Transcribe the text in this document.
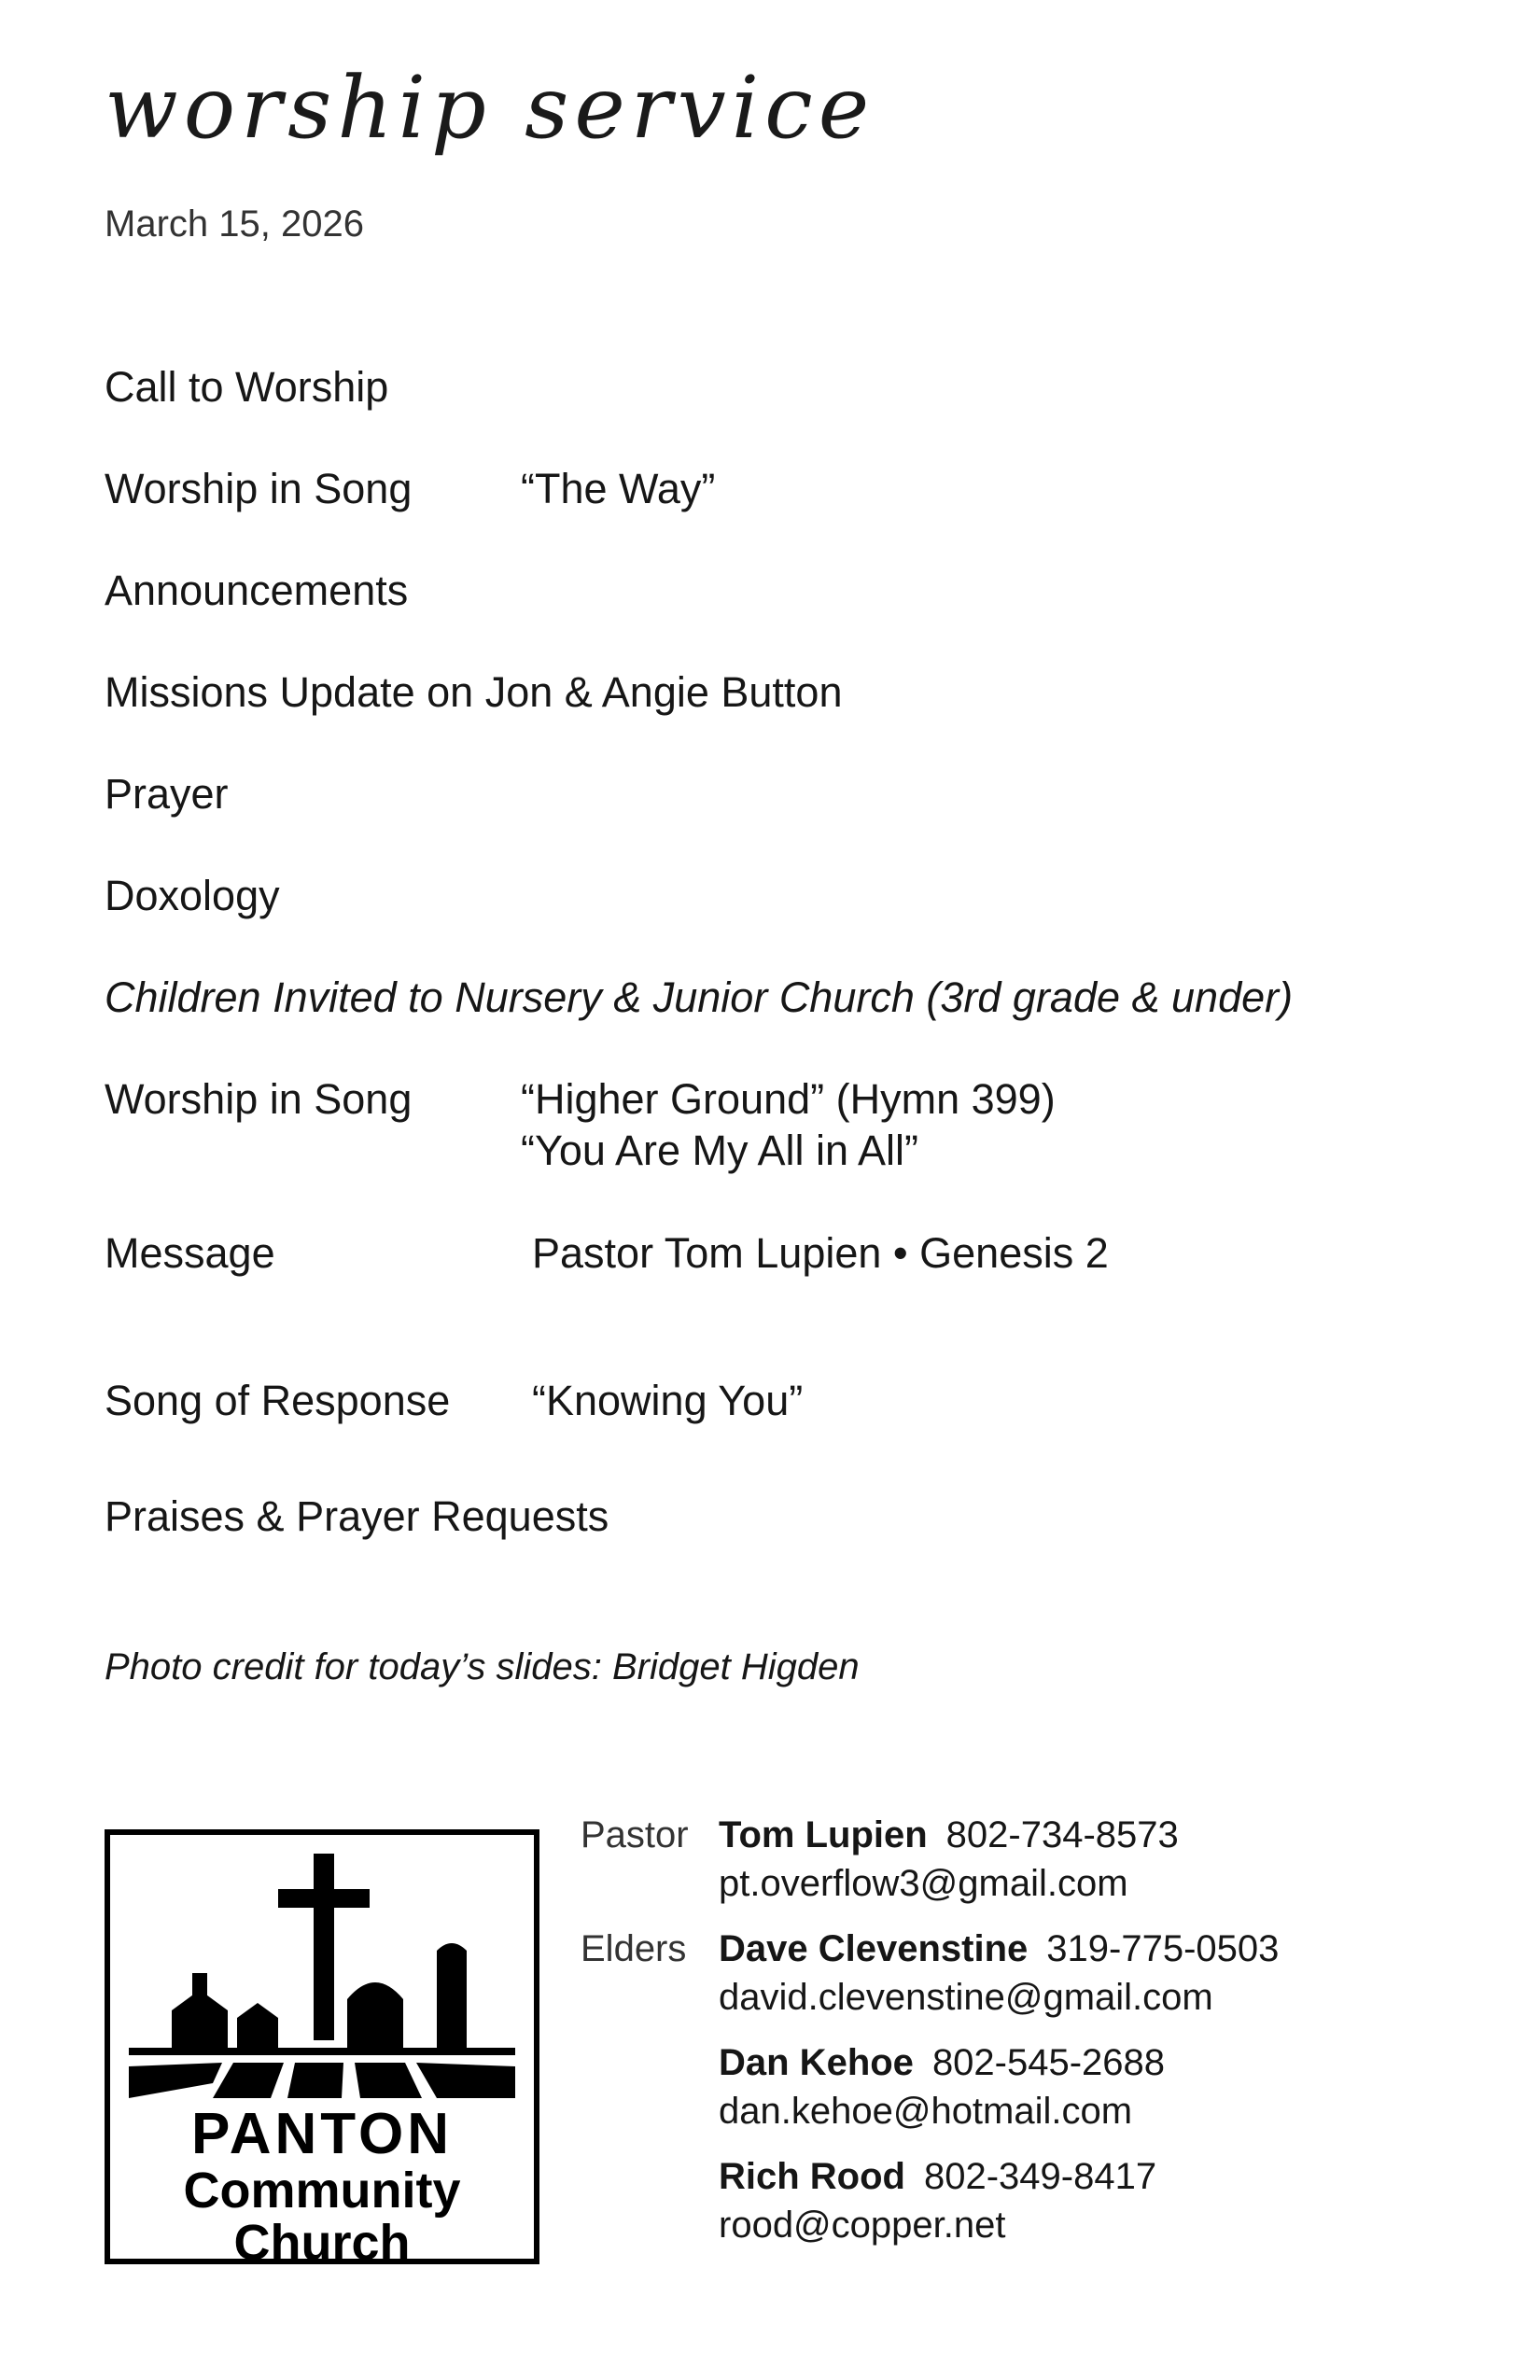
worship service
March 15, 2026
Call to Worship
Worship in Song	“The Way”
Announcements
Missions Update on Jon & Angie Button
Prayer
Doxology
Children Invited to Nursery & Junior Church (3rd grade & under)
Worship in Song	“Higher Ground” (Hymn 399)
“You Are My All in All”
Message	Pastor Tom Lupien • Genesis 2
Song of Response “Knowing You”
Praises & Prayer Requests
Photo credit for today’s slides: Bridget Higden
PANTON
Community
Church
Pastor Tom Lupien 802-734-8573
pt.overflow3@gmail.com
Elders Dave Clevenstine 319-775-0503
david.clevenstine@gmail.com
Dan Kehoe 802-545-2688
dan.kehoe@hotmail.com
Rich Rood 802-349-8417
rood@copper.net
